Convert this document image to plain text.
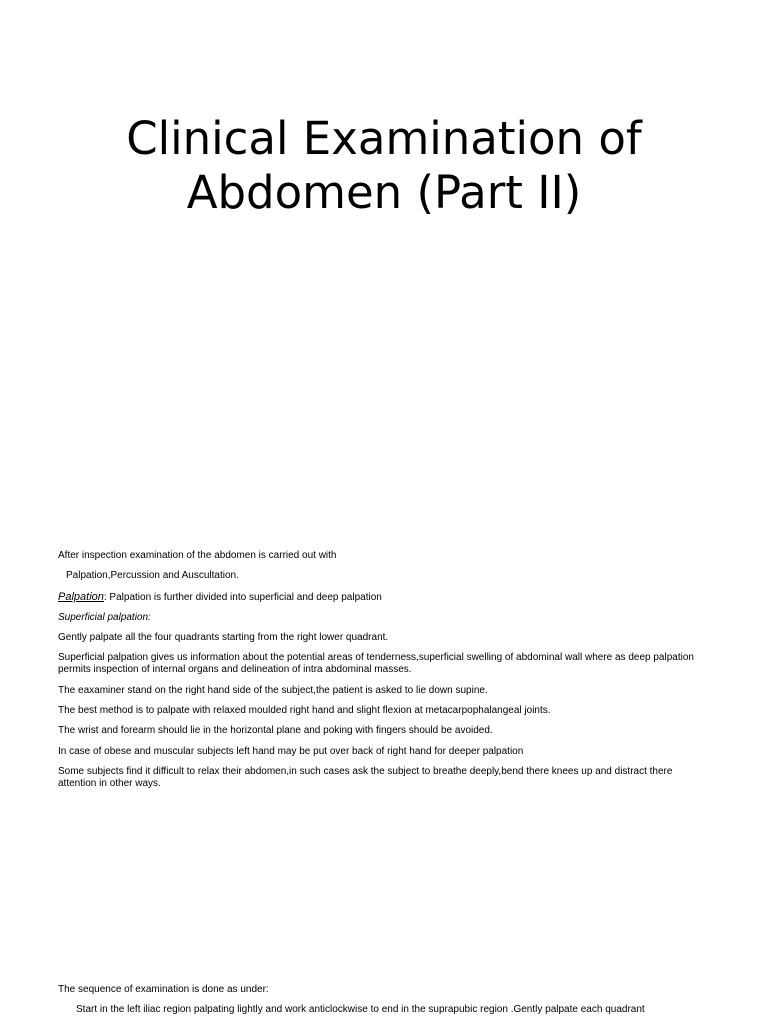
Clinical Examination of
Abdomen (Part II)

After inspection examination of the abdomen is carried out with

Palpation,Percussion and Auscultation.

Palpation: Palpation is further divided into superficial and deep palpation

Superficial palpation:

Gently palpate all the four quadrants starting from the right lower quadrant.

Superficial palpation gives us information about the potential areas of tenderness,superficial swelling of abdominal wall where as deep palpation permits inspection of internal organs and delineation of intra abdominal masses.

The eaxaminer stand on the right hand side of the subject,the patient is asked to lie down supine.

The best method is to palpate with relaxed moulded right hand and slight flexion at metacarpophalangeal joints.

The wrist and forearm should lie in the horizontal plane and poking with fingers should be avoided.

In case of obese and muscular subjects left hand may be put over back of right hand for deeper palpation

Some subjects find it difficult to relax their abdomen,in such cases ask the subject to breathe deeply,bend there knees up and distract there attention in other ways.

The sequence of examination is done as under:

Start in the left iliac region palpating lightly and work anticlockwise to end in the suprapubic region .Gently palpate each quadrant
